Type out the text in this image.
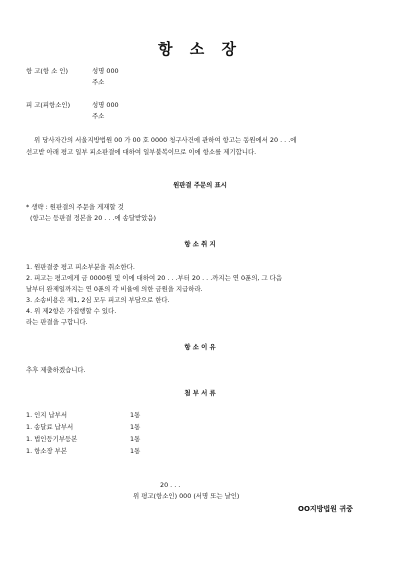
항 소 장
항 고(항 소 인)	성명 000
주소
피 고(피항소인)	성명 000
주소
위 당사자간의 서울지방법원 00 가 00 호 0000 청구사건에 관하여 항고는 동원에서 20 . . .에
선고받 아래 평고 일부 피소판결에 대하여 일부불복이므로 이에 항소를 제기합니다.
원판결 주문의 표시
* 생략 : 원판결의 주문을 게재할 것
(항고는 등판결 정본을 20 . . .에 송달받았음)
항 소 취 지
1. 원판결중 평고 피소부분을 취소한다.
2. 피고는 평고에게 금 0000원 및 이에 대하여 20 . . .부터 20 . . .까지는 연 0푼의, 그 다음
날부터 완제일까지는 연 0푼의 각 비율에 의한 금원을 지급하라.
3. 소송비용은 제1, 2심 모두 피고의 부담으로 한다.
4. 위 제2항은 가집행할 수 있다.
라는 판결을 구합니다.
항 소 이 유
추후 제출하겠습니다.
첨 부 서 류
1. 인지 납부서	1통
1. 송달료 납부서	1통
1. 법인등기부등본	1통
1. 항소장 부본	1통
20 . . .
위 평고(항소인) 000 (서명 또는 날인)
OO지방법원 귀중
